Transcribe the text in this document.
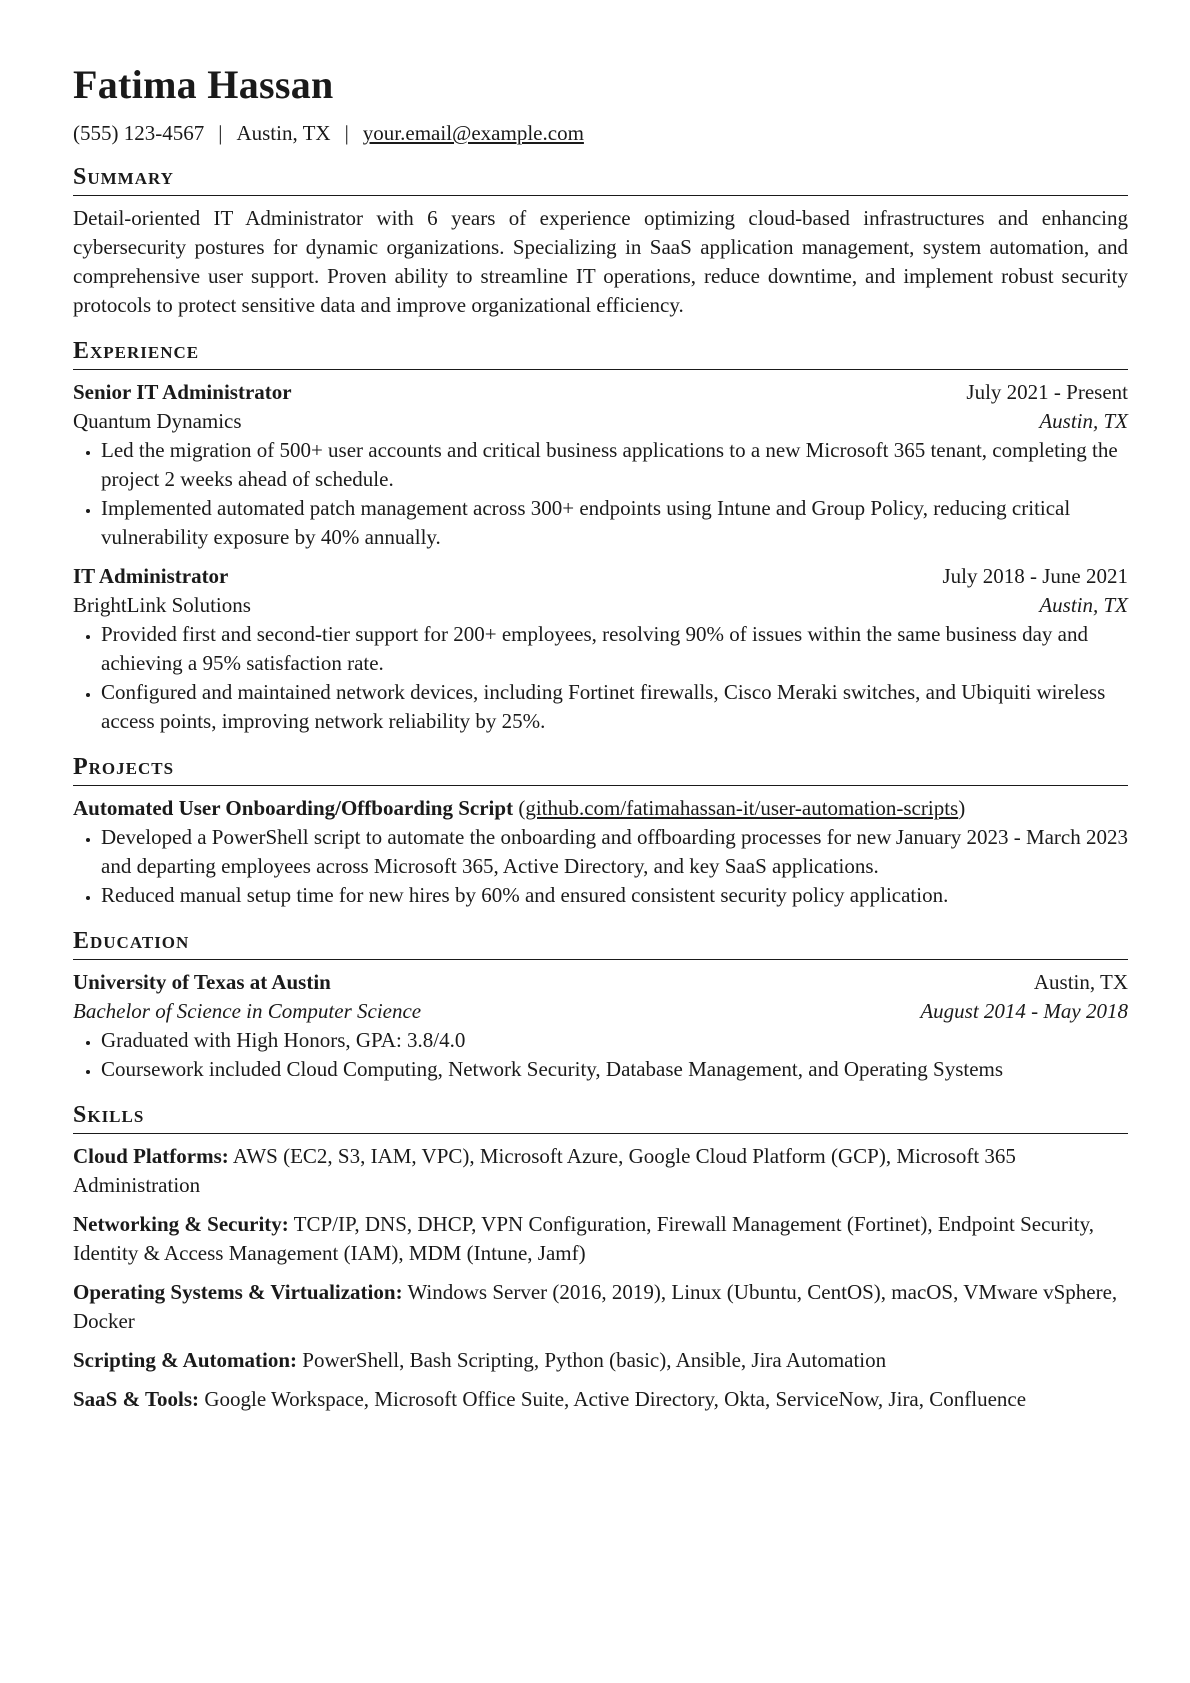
Fatima Hassan
(555) 123-4567 | Austin, TX | your.email@example.com
Summary
Detail-oriented IT Administrator with 6 years of experience optimizing cloud-based infrastructures and enhancing cybersecurity postures for dynamic organizations. Specializing in SaaS application management, system automation, and comprehensive user support. Proven ability to streamline IT operations, reduce downtime, and implement robust security protocols to protect sensitive data and improve organizational efficiency.
Experience
Senior IT Administrator	July 2021 - Present
Quantum Dynamics	Austin, TX
• Led the migration of 500+ user accounts and critical business applications to a new Microsoft 365 tenant, completing the project 2 weeks ahead of schedule.
• Implemented automated patch management across 300+ endpoints using Intune and Group Policy, reducing critical vulnerability exposure by 40% annually.
IT Administrator	July 2018 - June 2021
BrightLink Solutions	Austin, TX
• Provided first and second-tier support for 200+ employees, resolving 90% of issues within the same business day and achieving a 95% satisfaction rate.
• Configured and maintained network devices, including Fortinet firewalls, Cisco Meraki switches, and Ubiquiti wireless access points, improving network reliability by 25%.
Projects
Automated User Onboarding/Offboarding Script (github.com/fatimahassan-it/user-automation-scripts)
January 2023 - March 2023
• Developed a PowerShell script to automate the onboarding and offboarding processes for new and departing employees across Microsoft 365, Active Directory, and key SaaS applications.
• Reduced manual setup time for new hires by 60% and ensured consistent security policy application.
Education
University of Texas at Austin	Austin, TX
Bachelor of Science in Computer Science	August 2014 - May 2018
• Graduated with High Honors, GPA: 3.8/4.0
• Coursework included Cloud Computing, Network Security, Database Management, and Operating Systems
Skills
Cloud Platforms: AWS (EC2, S3, IAM, VPC), Microsoft Azure, Google Cloud Platform (GCP), Microsoft 365 Administration
Networking & Security: TCP/IP, DNS, DHCP, VPN Configuration, Firewall Management (Fortinet), Endpoint Security, Identity & Access Management (IAM), MDM (Intune, Jamf)
Operating Systems & Virtualization: Windows Server (2016, 2019), Linux (Ubuntu, CentOS), macOS, VMware vSphere, Docker
Scripting & Automation: PowerShell, Bash Scripting, Python (basic), Ansible, Jira Automation
SaaS & Tools: Google Workspace, Microsoft Office Suite, Active Directory, Okta, ServiceNow, Jira, Confluence
